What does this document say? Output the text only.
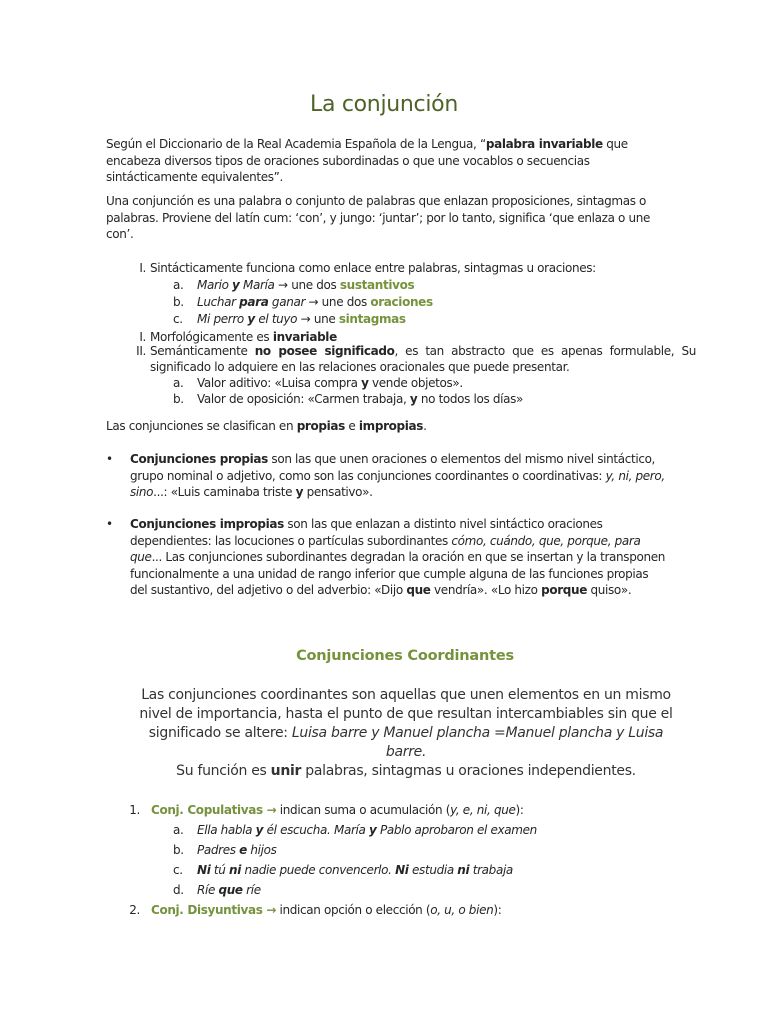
La conjunción

Según el Diccionario de la Real Academia Española de la Lengua, “palabra invariable que encabeza diversos tipos de oraciones subordinadas o que une vocablos o secuencias sintácticamente equivalentes”.

Una conjunción es una palabra o conjunto de palabras que enlazan proposiciones, sintagmas o palabras. Proviene del latín cum: ‘con’, y jungo: ‘juntar’; por lo tanto, significa ‘que enlaza o une con’.

I. Sintácticamente funciona como enlace entre palabras, sintagmas u oraciones:
a. Mario y María → une dos sustantivos
b. Luchar para ganar → une dos oraciones
c.	Mi perro y el tuyo → une sintagmas
I. Morfológicamente es invariable
II. Semánticamente no posee significado, es tan abstracto que es apenas formulable, Su significado lo adquiere en las relaciones oracionales que puede presentar.
a. Valor aditivo: «Luisa compra y vende objetos».
b. Valor de oposición: «Carmen trabaja, y no todos los días»

Las conjunciones se clasifican en propias e impropias.

• Conjunciones propias son las que unen oraciones o elementos del mismo nivel sintáctico, grupo nominal o adjetivo, como son las conjunciones coordinantes o coordinativas: y, ni, pero, sino...: «Luis caminaba triste y pensativo».
• Conjunciones impropias son las que enlazan a distinto nivel sintáctico oraciones dependientes: las locuciones o partículas subordinantes cómo, cuándo, que, porque, para que... Las conjunciones subordinantes degradan la oración en que se insertan y la transponen funcionalmente a una unidad de rango inferior que cumple alguna de las funciones propias del sustantivo, del adjetivo o del adverbio: «Dijo que vendría». «Lo hizo porque quiso».
Conjunciones Coordinantes
Las conjunciones coordinantes son aquellas que unen elementos en un mismo nivel de importancia, hasta el punto de que resultan intercambiables sin que el significado se altere: Luisa barre y Manuel plancha =Manuel plancha y Luisa barre.
Su función es unir palabras, sintagmas u oraciones independientes.
1. Conj. Copulativas → indican suma o acumulación (y, e, ni, que):
a. Ella habla y él escucha. María y Pablo aprobaron el examen
b. Padres e hijos
c.	Ni tú ni nadie puede convencerlo. Ni estudia ni trabaja
d. Ríe que ríe
2. Conj. Disyuntivas → indican opción o elección (o, u, o bien):
